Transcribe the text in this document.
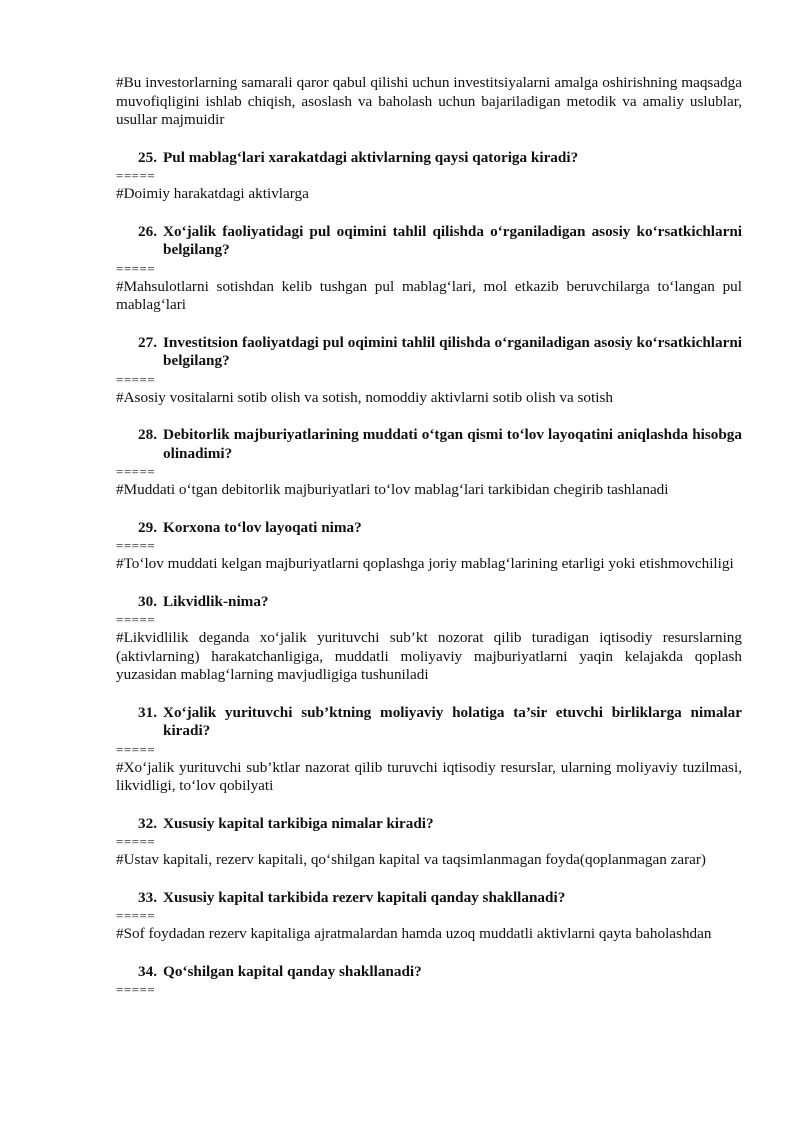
#Bu investorlarning samarali qaror qabul qilishi uchun investitsiyalarni amalga oshirishning maqsadga muvofiqligini ishlab chiqish, asoslash va baholash uchun bajariladigan metodik va amaliy uslublar, usullar majmuidir

25. Pul mablag‘lari xarakatdagi aktivlarning qaysi qatoriga kiradi?

=====

#Doimiy harakatdagi aktivlarga

26. Xo‘jalik faoliyatidagi pul oqimini tahlil qilishda o‘rganiladigan asosiy ko‘rsatkichlarni belgilang?

=====

#Mahsulotlarni sotishdan kelib tushgan pul mablag‘lari, mol etkazib beruvchilarga to‘langan pul mablag‘lari

27. Investitsion faoliyatdagi pul oqimini tahlil qilishda o‘rganiladigan asosiy ko‘rsatkichlarni belgilang?

=====

#Asosiy vositalarni sotib olish va sotish, nomoddiy aktivlarni sotib olish va sotish

28. Debitorlik majburiyatlarining muddati o‘tgan qismi to‘lov layoqatini aniqlashda hisobga olinadimi?

=====

#Muddati o‘tgan debitorlik majburiyatlari to‘lov mablag‘lari tarkibidan chegirib tashlanadi

29. Korxona to‘lov layoqati nima?

=====

#To‘lov muddati kelgan majburiyatlarni qoplashga joriy mablag‘larining etarligi yoki etishmovchiligi

30. Likvidlik-nima?

=====

#Likvidlilik deganda xo‘jalik yurituvchi sub’kt nozorat qilib turadigan iqtisodiy resurslarning (aktivlarning) harakatchanligiga, muddatli moliyaviy majburiyatlarni yaqin kelajakda qoplash yuzasidan mablag‘larning mavjudligiga tushuniladi

31. Xo‘jalik yurituvchi sub’ktning moliyaviy holatiga ta’sir etuvchi birliklarga nimalar kiradi?

=====

#Xo‘jalik yurituvchi sub’ktlar nazorat qilib turuvchi iqtisodiy resurslar, ularning moliyaviy tuzilmasi, likvidligi, to‘lov qobilyati

32. Xususiy kapital tarkibiga nimalar kiradi?

=====

#Ustav kapitali, rezerv kapitali, qo‘shilgan kapital va taqsimlanmagan foyda(qoplanmagan zarar)

33. Xususiy kapital tarkibida rezerv kapitali qanday shakllanadi?

=====

#Sof foydadan rezerv kapitaliga ajratmalardan hamda uzoq muddatli aktivlarni qayta baholashdan

34. Qo‘shilgan kapital qanday shakllanadi?

=====
